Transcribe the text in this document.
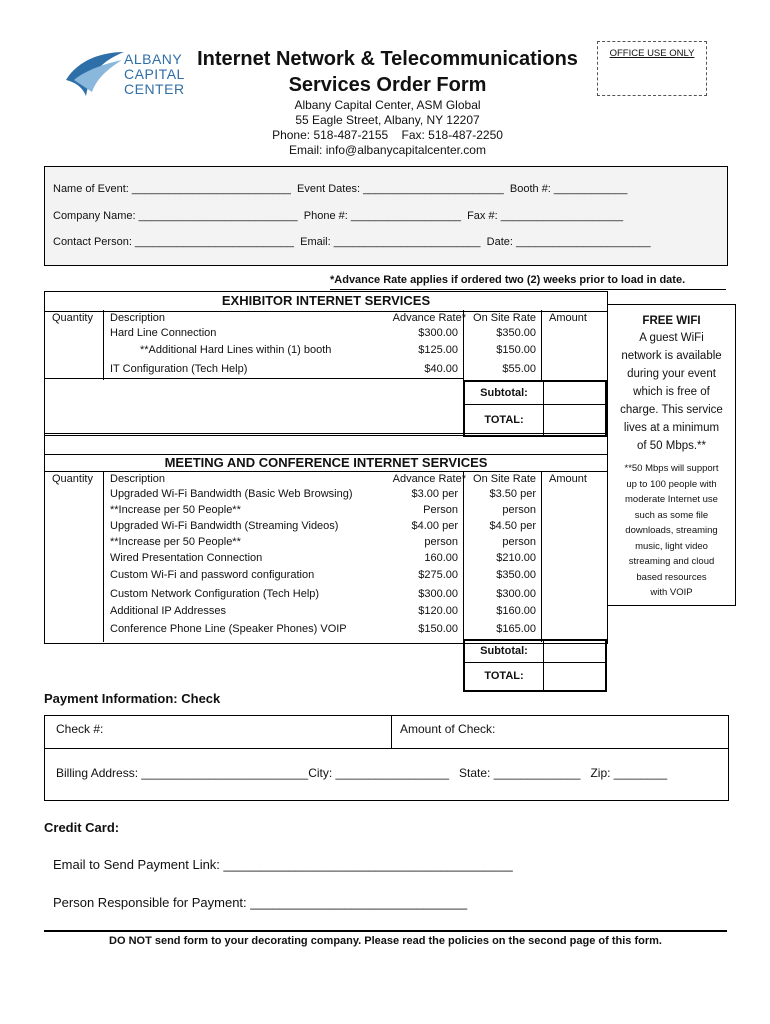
ALBANY
CAPITAL
CENTER
Internet Network & Telecommunications
Services Order Form
Albany Capital Center, ASM Global
55 Eagle Street, Albany, NY 12207
Phone: 518-487-2155    Fax: 518-487-2250
Email: info@albanycapitalcenter.com
OFFICE USE ONLY
Name of Event: __________________________  Event Dates: _______________________  Booth #: ____________
Company Name: __________________________  Phone #: __________________  Fax #: ____________________
Contact Person: __________________________  Email: ________________________  Date: ______________________
*Advance Rate applies if ordered two (2) weeks prior to load in date.
EXHIBITOR INTERNET SERVICES
Quantity Description	Advance Rate* On Site Rate Amount
Hard Line Connection	$300.00	$350.00
**Additional Hard Lines within (1) booth	$125.00	$150.00
IT Configuration (Tech Help)	$40.00	$55.00
Subtotal:
TOTAL:
FREE WIFI
A guest WiFi
network is available
during your event
which is free of
charge. This service
lives at a minimum
of 50 Mbps.**
**50 Mbps will support
up to 100 people with
moderate Internet use
such as some file
downloads, streaming
music, light video
streaming and cloud
based resources
with VOIP
MEETING AND CONFERENCE INTERNET SERVICES
Quantity Description	Advance Rate* On Site Rate Amount
Upgraded Wi-Fi Bandwidth (Basic Web Browsing)	$3.00 per	$3.50 per
**Increase per 50 People**	Person	person
Upgraded Wi-Fi Bandwidth (Streaming Videos)	$4.00 per	$4.50 per
**Increase per 50 People**	person	person
Wired Presentation Connection	160.00	$210.00
Custom Wi-Fi and password configuration	$275.00	$350.00
Custom Network Configuration (Tech Help)	$300.00	$300.00
Additional IP Addresses	$120.00	$160.00
Conference Phone Line (Speaker Phones) VOIP	$150.00	$165.00
Subtotal:
TOTAL:
Payment Information: Check
Check #:	Amount of Check:
Billing Address: _________________________City: _________________   State: _____________   Zip: ________
Credit Card:
Email to Send Payment Link: ________________________________________
Person Responsible for Payment: ______________________________
DO NOT send form to your decorating company. Please read the policies on the second page of this form.
